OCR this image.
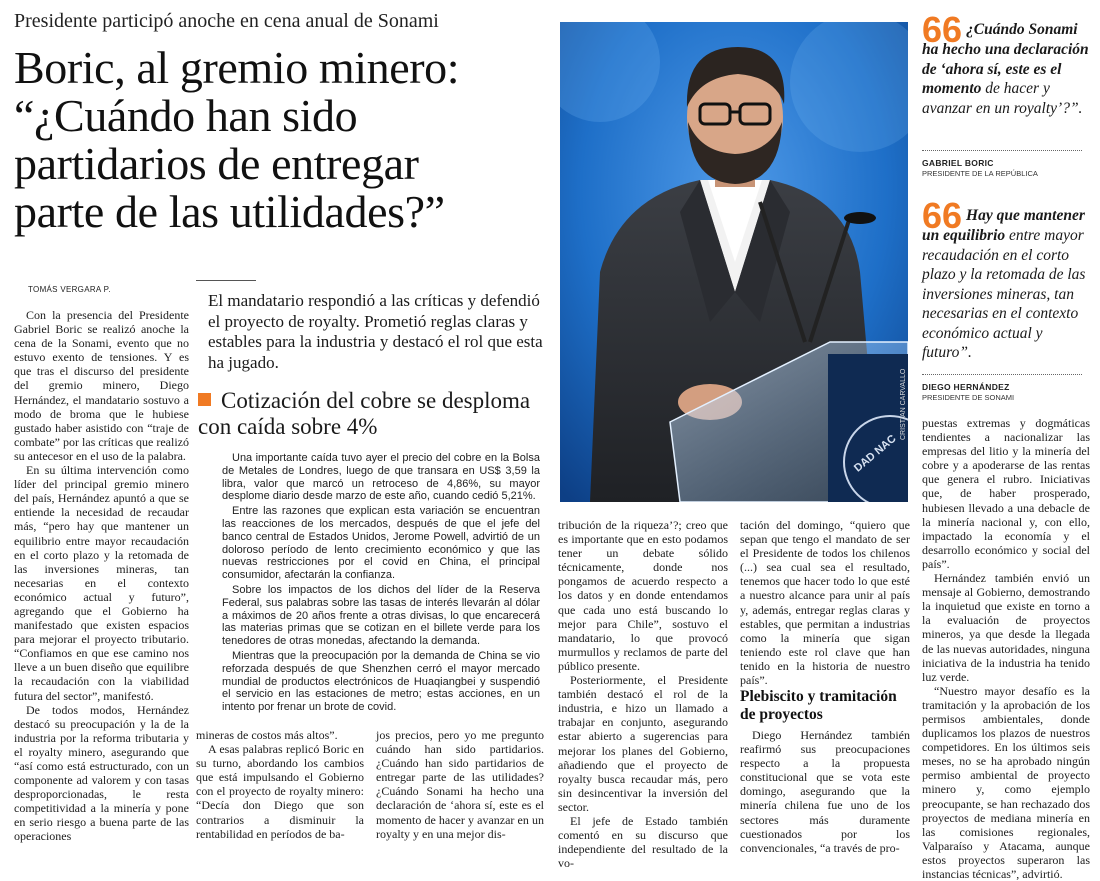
Presidente participó anoche en cena anual de Sonami
Boric, al gremio minero:
“¿Cuándo han sido
partidarios de entregar
parte de las utilidades?”
TOMÁS VERGARA P.

Con la presencia del Presidente Gabriel Boric se realizó anoche la cena de la Sonami, evento que no estuvo exento de tensiones. Y es que tras el discurso del presidente del gremio minero, Diego Hernández, el mandatario sostuvo a modo de broma que le hubiese gustado haber asistido con “traje de combate” por las críticas que realizó su antecesor en el uso de la palabra.

En su última intervención como líder del principal gremio minero del país, Hernández apuntó a que se entiende la necesidad de recaudar más, “pero hay que mantener un equilibrio entre mayor recaudación en el corto plazo y la retomada de las inversiones mineras, tan necesarias en el contexto económico actual y futuro”, agregando que el Gobierno ha manifestado que existen espacios para mejorar el proyecto tributario. “Confiamos en que ese camino nos lleve a un buen diseño que equilibre la recaudación con la viabilidad futura del sector”, manifestó.

De todos modos, Hernández destacó su preocupación y la de la industria por la reforma tributaria y el royalty minero, asegurando que “así como está estructurado, con un componente ad valorem y con tasas desproporcionadas, le resta competitividad a la minería y pone en serio riesgo a buena parte de las operaciones

El mandatario respondió a las críticas y defendió el proyecto de royalty. Prometió reglas claras y estables para la industria y destacó el rol que esta ha jugado.
Cotización del cobre se desploma con caída sobre 4%

Una importante caída tuvo ayer el precio del cobre en la Bolsa de Metales de Londres, luego de que transara en US$ 3,59 la libra, valor que marcó un retroceso de 4,86%, su mayor desplome diario desde marzo de este año, cuando cedió 5,21%.

Entre las razones que explican esta variación se encuentran las reacciones de los mercados, después de que el jefe del banco central de Estados Unidos, Jerome Powell, advirtió de un doloroso período de lento crecimiento económico y que las nuevas restricciones por el covid en China, el principal consumidor, afectarán la confianza.

Sobre los impactos de los dichos del líder de la Reserva Federal, sus palabras sobre las tasas de interés llevarán al dólar a máximos de 20 años frente a otras divisas, lo que encarecerá las materias primas que se cotizan en el billete verde para los tenedores de otras monedas, afectando la demanda.

Mientras que la preocupación por la demanda de China se vio reforzada después de que Shenzhen cerró el mayor mercado mundial de productos electrónicos de Huaqiangbei y suspendió el servicio en las estaciones de metro; estas acciones, en un intento por frenar un brote de covid.

mineras de costos más altos”.

A esas palabras replicó Boric en su turno, abordando los cambios que está impulsando el Gobierno con el proyecto de royalty minero: “Decía don Diego que son contrarios a disminuir la rentabilidad en períodos de ba-

jos precios, pero yo me pregunto cuándo han sido partidarios. ¿Cuándo han sido partidarios de entregar parte de las utilidades? ¿Cuándo Sonami ha hecho una declaración de ‘ahora sí, este es el momento de hacer y avanzar en un royalty y en una mejor dis-

tribución de la riqueza’?; creo que es importante que en esto podamos tener un debate sólido técnicamente, donde nos pongamos de acuerdo respecto a los datos y en donde entendamos que cada uno está buscando lo mejor para Chile”, sostuvo el mandatario, lo que provocó murmullos y reclamos de parte del público presente.

Posteriormente, el Presidente también destacó el rol de la industria, e hizo un llamado a trabajar en conjunto, asegurando estar abierto a sugerencias para mejorar los planes del Gobierno, añadiendo que el proyecto de royalty busca recaudar más, pero sin desincentivar la inversión del sector.

El jefe de Estado también comentó en su discurso que independiente del resultado de la vo-

tación del domingo, “quiero que sepan que tengo el mandato de ser el Presidente de todos los chilenos (...) sea cual sea el resultado, tenemos que hacer todo lo que esté a nuestro alcance para unir al país y, además, entregar reglas claras y estables, que permitan a industrias como la minería que sigan teniendo este rol clave que han tenido en la historia de nuestro país”.

Plebiscito y tramitación de proyectos

Diego Hernández también reafirmó sus preocupaciones respecto a la propuesta constitucional que se vota este domingo, asegurando que la minería chilena fue uno de los sectores más duramente cuestionados por los convencionales, “a través de pro-

puestas extremas y dogmáticas tendientes a nacionalizar las empresas del litio y la minería del cobre y a apoderarse de las rentas que genera el rubro. Iniciativas que, de haber prosperado, hubiesen llevado a una debacle de la minería nacional y, con ello, impactado la economía y el desarrollo económico y social del país”.

Hernández también envió un mensaje al Gobierno, demostrando la inquietud que existe en torno a la evaluación de proyectos mineros, ya que desde la llegada de las nuevas autoridades, ninguna iniciativa de la industria ha tenido luz verde.

“Nuestro mayor desafío es la tramitación y la aprobación de los permisos ambientales, donde duplicamos los plazos de nuestros competidores. En los últimos seis meses, no se ha aprobado ningún permiso ambiental de proyecto minero y, como ejemplo preocupante, se han rechazado dos proyectos de mediana minería en las comisiones regionales, Valparaíso y Atacama, aunque estos proyectos superaron las instancias técnicas”, advirtió.

DAD NAC
CRISTIAN CARVALLO
66 ¿Cuándo Sonami ha hecho una declaración de ‘ahora sí, este es el momento de hacer y avanzar en un royalty’?”.
GABRIEL BORIC
PRESIDENTE DE LA REPÚBLICA
66 Hay que mantener un equilibrio entre mayor recaudación en el corto plazo y la retomada de las inversiones mineras, tan necesarias en el contexto económico actual y futuro”.
DIEGO HERNÁNDEZ
PRESIDENTE DE SONAMI
